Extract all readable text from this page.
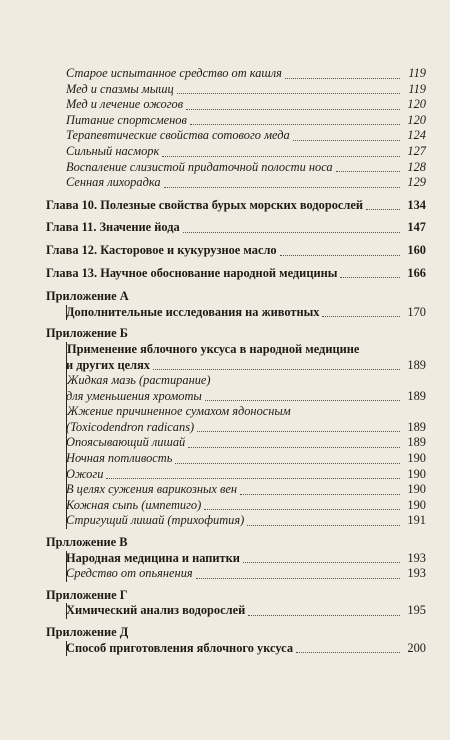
Старое испытанное средство от кашля	119
Мед и спазмы мышц	119
Мед и лечение ожогов	120
Питание спортсменов	120
Терапевтические свойства сотового меда	124
Сильный насморк	127
Воспаление слизистой придаточной полости носа	128
Сенная лихорадка	129
Глава 10. Полезные свойства бурых морских водорослей	134
Глава 11. Значение йода	147
Глава 12. Касторовое и кукурузное масло	160
Глава 13. Научное обоснование народной медицины	166
Приложение А
Дополнительные исследования на животных	170
Приложение Б
Применение яблочного уксуса в народной медицине
и других целях	189
Жидкая мазь (растирание)
для уменьшения хромоты	189
Жжение причиненное сумахом ядоносным
(Toxicodendron radicans)	189
Опоясывающий лишай	189
Ночная потливость	190
Ожоги	190
В целях сужения варикозных вен	190
Кожная сыпь (импетиго)	190
Стригущий лишай (трихофития)	191
Прлложение В
Народная медицина и напитки	193
Средство от опьянения	193
Приложение Г
Химический анализ водорослей	195
Приложение Д
Способ приготовления яблочного уксуса	200
